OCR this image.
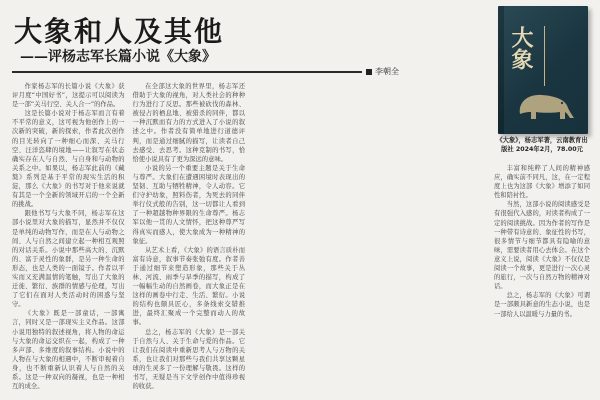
大象和人及其他
——评杨志军长篇小说《大象》
李朝全

作家杨志军的长篇小说《大象》获评月度“中国好书”，这提示可以阅读为是一部“关马行空、关人合一”的作品。

这是长篇小说对于杨志军而言有着不平常的意义，这可视为他创作上的一次新的突破，新的探索，作者此次创作的目光转向了一种细心而深、关马行空、汪洋恣肆的境地——让叙写在状态确实存在人与自然、与自身和与动物的关系之中。如果以，杨志军此前的《藏獒》系列是基于平常的现实生活的积淀，那么《大象》的书写对于他来说就有其是一个全新的领域开启的一个全新的挑战。

跟他书写与大象不同，杨志军在这部小说里对大象的描写，显然并不仅仅是单纯的动物写作，而是在人与动物之间、人与自然之间建立起一种相互观照的对话关系。小说中那些高大的、沉默的、富于灵性的象群，是另一种生命的形态，也是人类的一面镜子。作者以平实而又充满温情的笔触，写出了大象的迁徙、繁衍、族群的情感与伦理，写出了它们在面对人类活动时的困惑与坚守。

《大象》既是一部童话，一部寓言，同时又是一部现实主义作品。这部小说用独特的叙述视角，将人物的命运与大象的命运交织在一起，构成了一种多声部、多维度的叙事结构。小说中的人物在与大象的相遇中，不断审视着自身，也不断重新认识着人与自然的关系。这是一种双向的凝视，也是一种相互的成全。

在全部这大象的世界里，杨志军还借助于大象的视角，对人类社会的种种行为进行了反思。那些被砍伐的森林、被侵占的栖息地、被猎杀的同伴，都以一种沉默而有力的方式进入了小说的叙述之中。作者没有简单地进行道德评判，而是通过细腻的描写，让读者自己去感受、去思考。这种克制的书写，恰恰使小说具有了更为深远的意味。

小说的另一个重要主题是关于生命与尊严。大象们在遭遇困境时表现出的坚韧、互助与牺牲精神，令人动容。它们守护幼象，照料伤者，为死去的同伴举行仪式般的告别，这一切都让人看到了一种超越物种界限的生命尊严。杨志军以他一贯的人文情怀，把这种尊严写得真实而感人，使大象成为一种精神的象征。

从艺术上看，《大象》的语言质朴而富有诗意，叙事节奏张弛有度。作者善于通过细节来塑造形象，那些关于丛林、河流、雨季与旱季的描写，构成了一幅幅生动的自然画卷，而大象正是在这样的画卷中行走、生活、繁衍。小说的结构也颇具匠心，多条线索交错推进，最终汇聚成一个完整而动人的故事。

总之，杨志军的《大象》是一部关于自然与人、关于生命与爱的作品。它让我们在阅读中重新思考人与万物的关系，也让我们对那些与我们共享这颗星球的生灵多了一份理解与敬畏。这样的书写，无疑是当下文学创作中值得珍视的收获。

大象
《大象》，杨志军著，云南教育出版社 2024年2月，78.00元

丰富和纯粹了人间的精神感应，确实前不同凡，这，在一定程度上也为这部《大象》增添了如同性和陪衬性。

当然，这部小说的阅读感受是有很强代入感的，对读者构成了一定的阅读挑战。因为作者的写作是一种带有诗意的、象征性的书写，很多情节与细节都具有隐喻的意味，需要读者用心去体会。在这个意义上说，阅读《大象》不仅仅是阅读一个故事，更是进行一次心灵的旅行，一次与自然万物的精神对话。

总之，杨志军的《大象》可谓是一部颇具新意的生态小说，也是一部给人以温暖与力量的书。
